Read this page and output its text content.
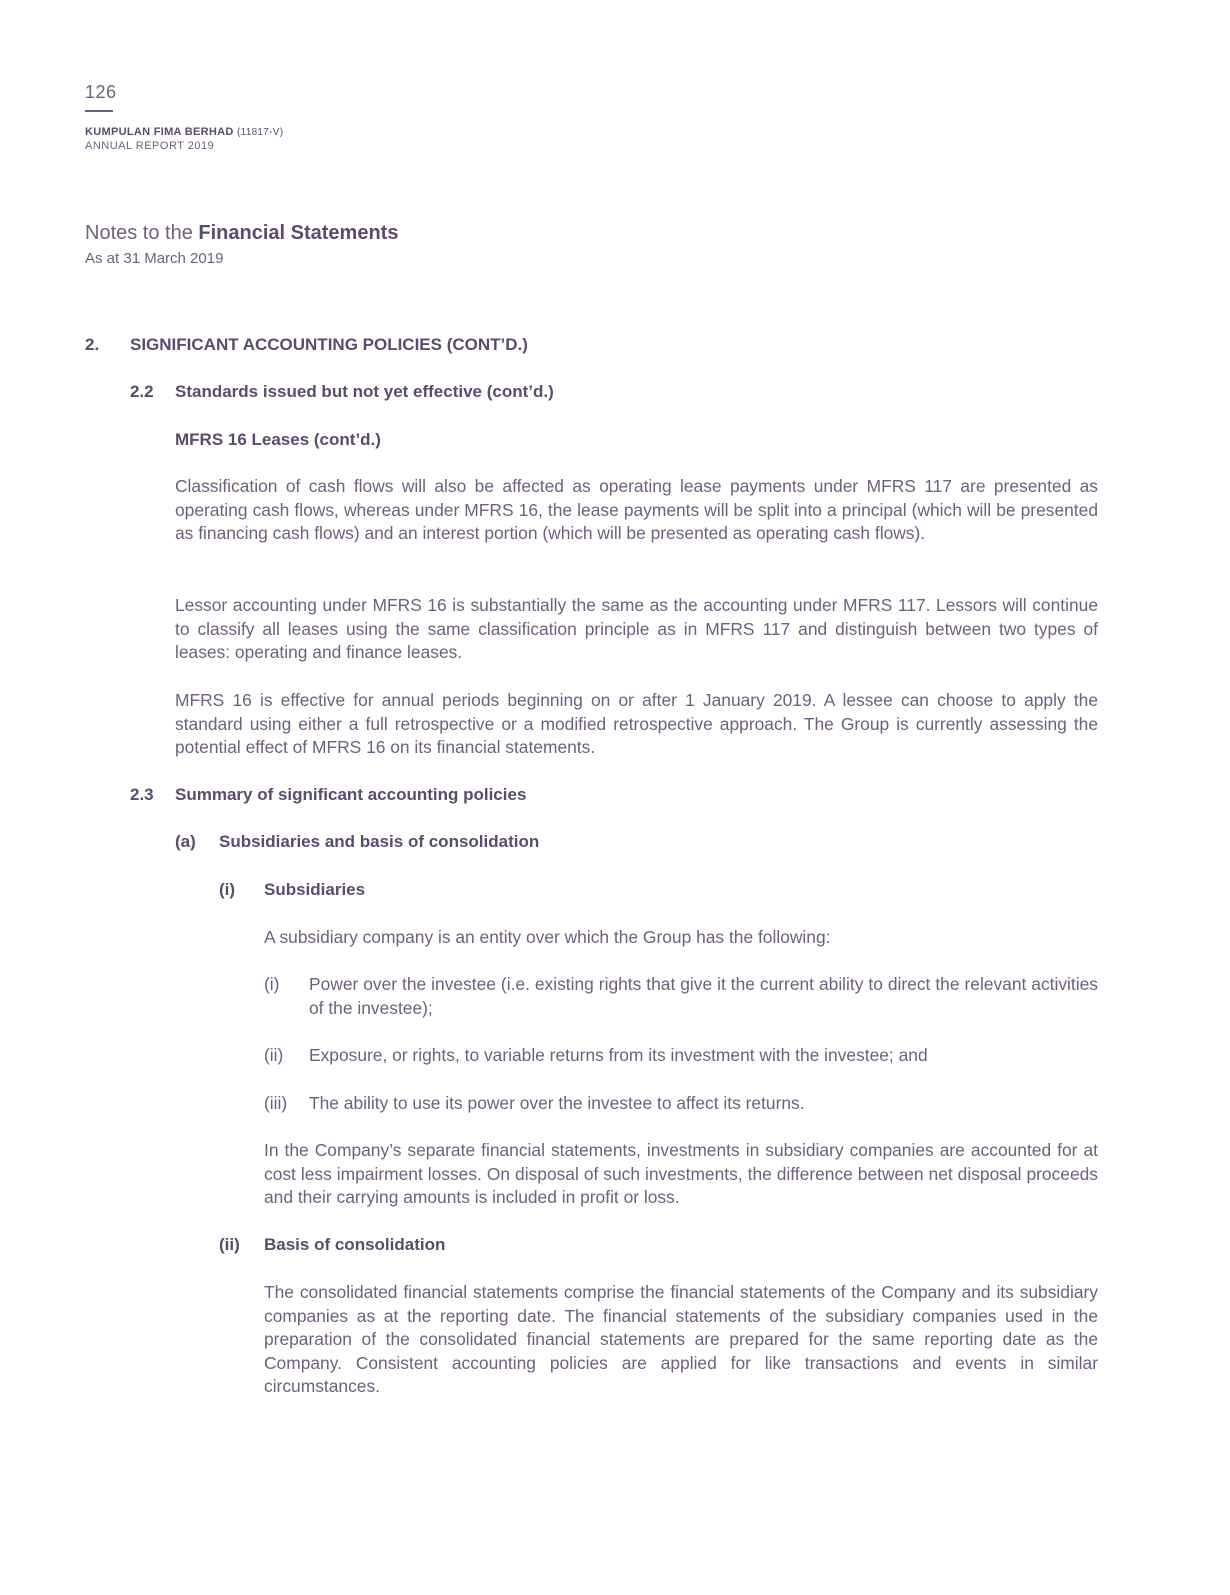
126
KUMPULAN FIMA BERHAD (11817-V)
ANNUAL REPORT 2019
Notes to the Financial Statements
As at 31 March 2019
2. SIGNIFICANT ACCOUNTING POLICIES (CONT’D.)
2.2 Standards issued but not yet effective (cont’d.)
MFRS 16 Leases (cont’d.)
Classification of cash flows will also be affected as operating lease payments under MFRS 117 are presented as operating cash flows, whereas under MFRS 16, the lease payments will be split into a principal (which will be presented as financing cash flows) and an interest portion (which will be presented as operating cash flows).
Lessor accounting under MFRS 16 is substantially the same as the accounting under MFRS 117. Lessors will continue to classify all leases using the same classification principle as in MFRS 117 and distinguish between two types of leases: operating and finance leases.
MFRS 16 is effective for annual periods beginning on or after 1 January 2019. A lessee can choose to apply the standard using either a full retrospective or a modified retrospective approach. The Group is currently assessing the potential effect of MFRS 16 on its financial statements.
2.3 Summary of significant accounting policies
(a) Subsidiaries and basis of consolidation
(i) Subsidiaries
A subsidiary company is an entity over which the Group has the following:
(i) Power over the investee (i.e. existing rights that give it the current ability to direct the relevant activities of the investee);
(ii) Exposure, or rights, to variable returns from its investment with the investee; and
(iii) The ability to use its power over the investee to affect its returns.
In the Company’s separate financial statements, investments in subsidiary companies are accounted for at cost less impairment losses. On disposal of such investments, the difference between net disposal proceeds and their carrying amounts is included in profit or loss.
(ii) Basis of consolidation
The consolidated financial statements comprise the financial statements of the Company and its subsidiary companies as at the reporting date. The financial statements of the subsidiary companies used in the preparation of the consolidated financial statements are prepared for the same reporting date as the Company. Consistent accounting policies are applied for like transactions and events in similar circumstances.
